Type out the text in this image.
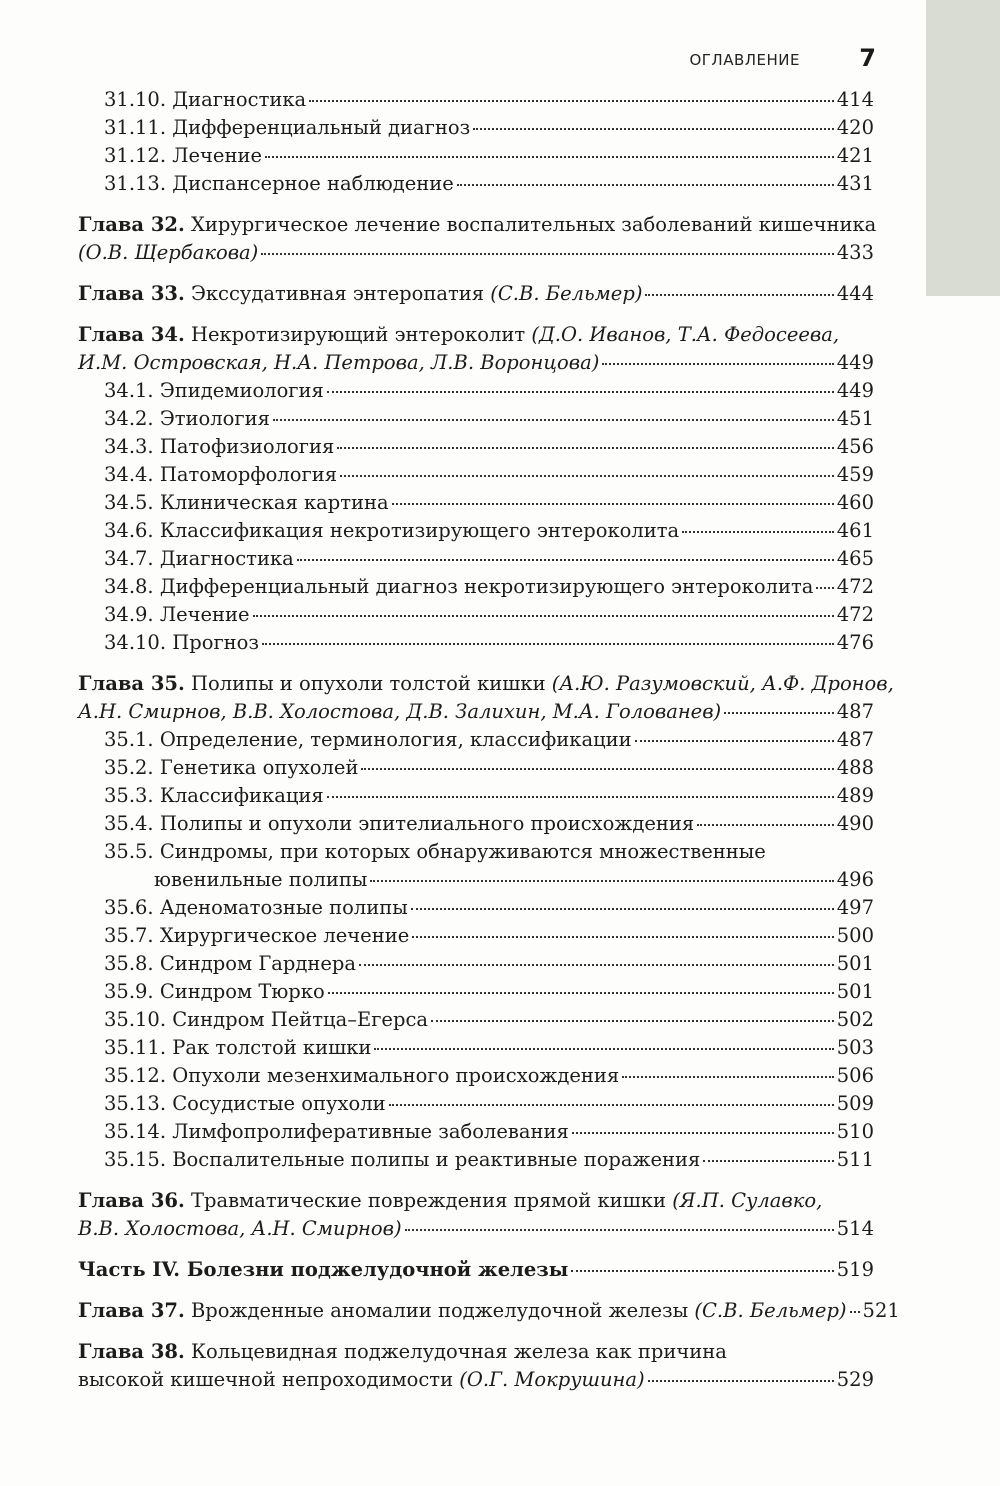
ОГЛАВЛЕНИЕ 7
31.10. Диагностика	414
31.11. Дифференциальный диагноз	420
31.12. Лечение	421
31.13. Диспансерное наблюдение	431
Глава 32. Хирургическое лечение воспалительных заболеваний кишечника
(О.В. Щербакова)	433
Глава 33. Экссудативная энтеропатия (С.В. Бельмер)	444
Глава 34. Некротизирующий энтероколит (Д.О. Иванов, Т.А. Федосеева,
И.М. Островская, Н.А. Петрова, Л.В. Воронцова)	449
34.1. Эпидемиология	449
34.2. Этиология	451
34.3. Патофизиология	456
34.4. Патоморфология	459
34.5. Клиническая картина	460
34.6. Классификация некротизирующего энтероколита	461
34.7. Диагностика	465
34.8. Дифференциальный диагноз некротизирующего энтероколита 472
34.9. Лечение	472
34.10. Прогноз	476
Глава 35. Полипы и опухоли толстой кишки (А.Ю. Разумовский, А.Ф. Дронов,
А.Н. Смирнов, В.В. Холостова, Д.В. Залихин, М.А. Голованев)	487
35.1. Определение, терминология, классификации	487
35.2. Генетика опухолей	488
35.3. Классификация	489
35.4. Полипы и опухоли эпителиального происхождения	490
35.5. Синдромы, при которых обнаруживаются множественные
ювенильные полипы	496
35.6. Аденоматозные полипы	497
35.7. Хирургическое лечение	500
35.8. Синдром Гарднера	501
35.9. Синдром Тюрко	501
35.10. Синдром Пейтца–Егерса	502
35.11. Рак толстой кишки	503
35.12. Опухоли мезенхимального происхождения	506
35.13. Сосудистые опухоли	509
35.14. Лимфопролиферативные заболевания	510
35.15. Воспалительные полипы и реактивные поражения	511
Глава 36. Травматические повреждения прямой кишки (Я.П. Сулавко,
В.В. Холостова, А.Н. Смирнов)	514
Часть IV. Болезни поджелудочной железы	519
Глава 37. Врожденные аномалии поджелудочной железы (С.В. Бельмер) 521
Глава 38. Кольцевидная поджелудочная железа как причина
высокой кишечной непроходимости (О.Г. Мокрушина)	529
